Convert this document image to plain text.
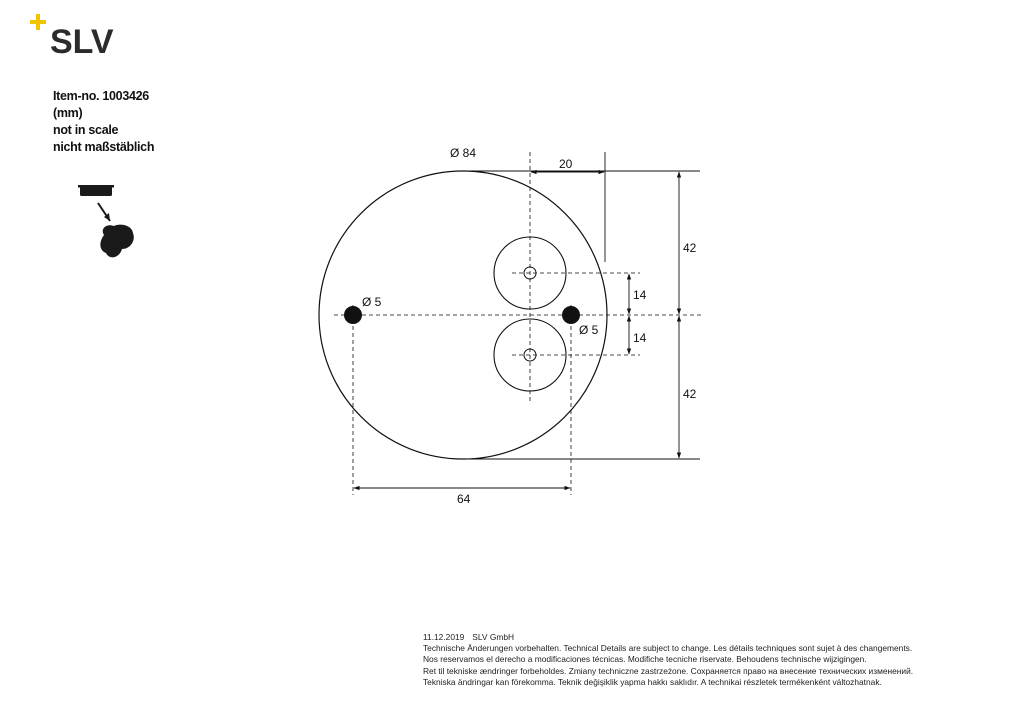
SLV
Item-no. 1003426
(mm)
not in scale
nicht maßstäblich	Ø 84
20
42
42
14
14
Ø 5
Ø 5
64
11.12.2019 SLV GmbH
Technische Änderungen vorbehalten. Technical Details are subject to change. Les détails techniques sont sujet à des changements.
Nos reservamos el derecho a modificaciones técnicas. Modifiche tecniche riservate. Behoudens technische wijzigingen.
Ret til tekniske ændringer forbeholdes. Zmiany techniczne zastrzeżone. Сохраняется право на внесение технических изменений.
Tekniska ändringar kan förekomma. Teknik değişiklik yapma hakkı saklıdır. A technikai részletek termékenként változhatnak.
